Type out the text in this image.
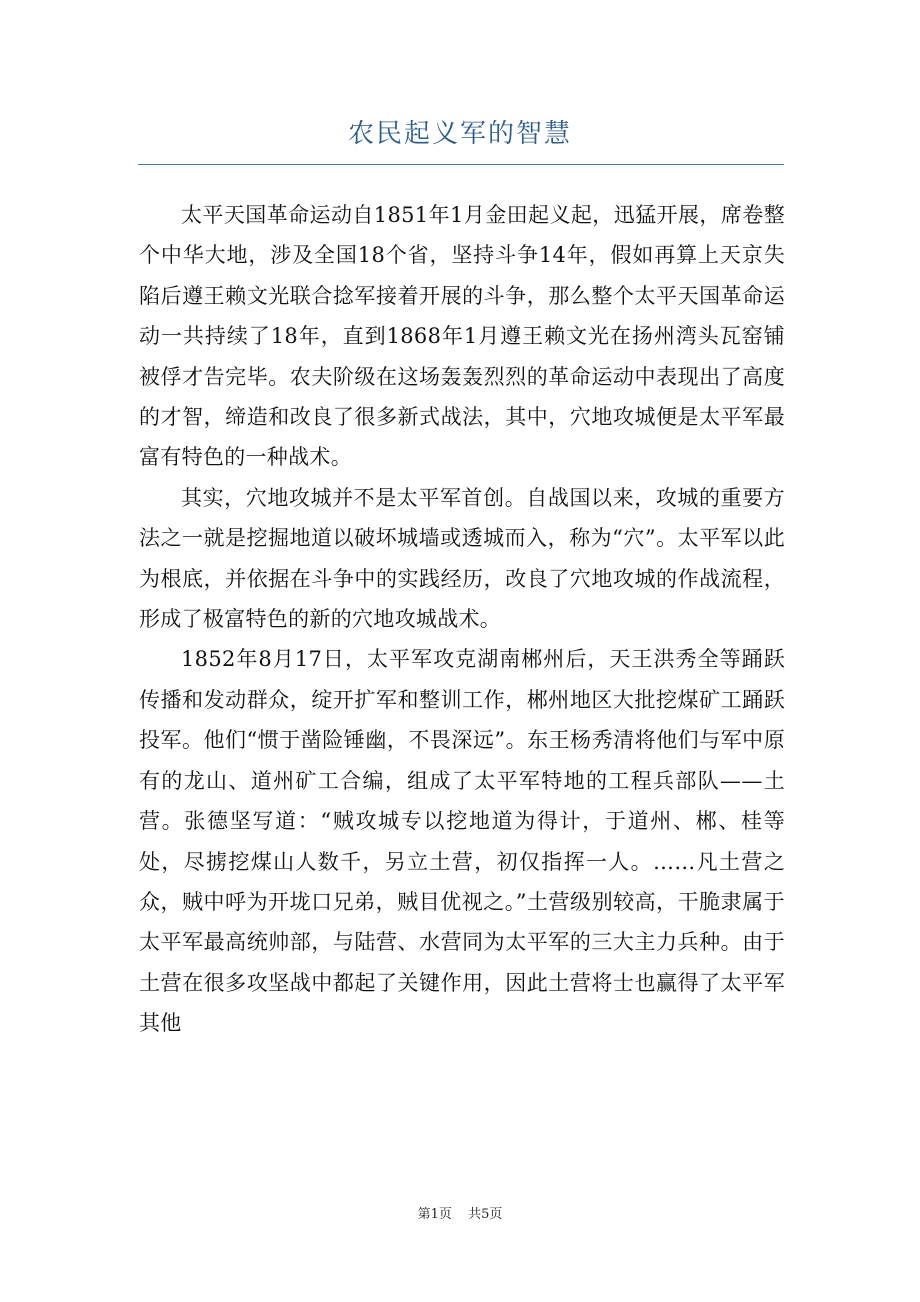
农民起义军的智慧

太平天国革命运动自1851年1月金田起义起，迅猛开展，席卷整个中华大地，涉及全国18个省，坚持斗争14年，假如再算上天京失陷后遵王赖文光联合捻军接着开展的斗争，那么整个太平天国革命运动一共持续了18年，直到1868年1月遵王赖文光在扬州湾头瓦窑铺被俘才告完毕。农夫阶级在这场轰轰烈烈的革命运动中表现出了高度的才智，缔造和改良了很多新式战法，其中，穴地攻城便是太平军最富有特色的一种战术。

其实，穴地攻城并不是太平军首创。自战国以来，攻城的重要方法之一就是挖掘地道以破坏城墙或透城而入，称为“穴”。太平军以此为根底，并依据在斗争中的实践经历，改良了穴地攻城的作战流程，形成了极富特色的新的穴地攻城战术。

1852年8月17日，太平军攻克湖南郴州后，天王洪秀全等踊跃传播和发动群众，绽开扩军和整训工作，郴州地区大批挖煤矿工踊跃投军。他们“惯于凿险锤幽，不畏深远”。东王杨秀清将他们与军中原有的龙山、道州矿工合编，组成了太平军特地的工程兵部队——土营。张德坚写道：“贼攻城专以挖地道为得计，于道州、郴、桂等处，尽掳挖煤山人数千，另立土营，初仅指挥一人。……凡土营之众，贼中呼为开垅口兄弟，贼目优视之。”土营级别较高，干脆隶属于太平军最高统帅部，与陆营、水营同为太平军的三大主力兵种。由于土营在很多攻坚战中都起了关键作用，因此土营将士也赢得了太平军其他

第1页 共5页
